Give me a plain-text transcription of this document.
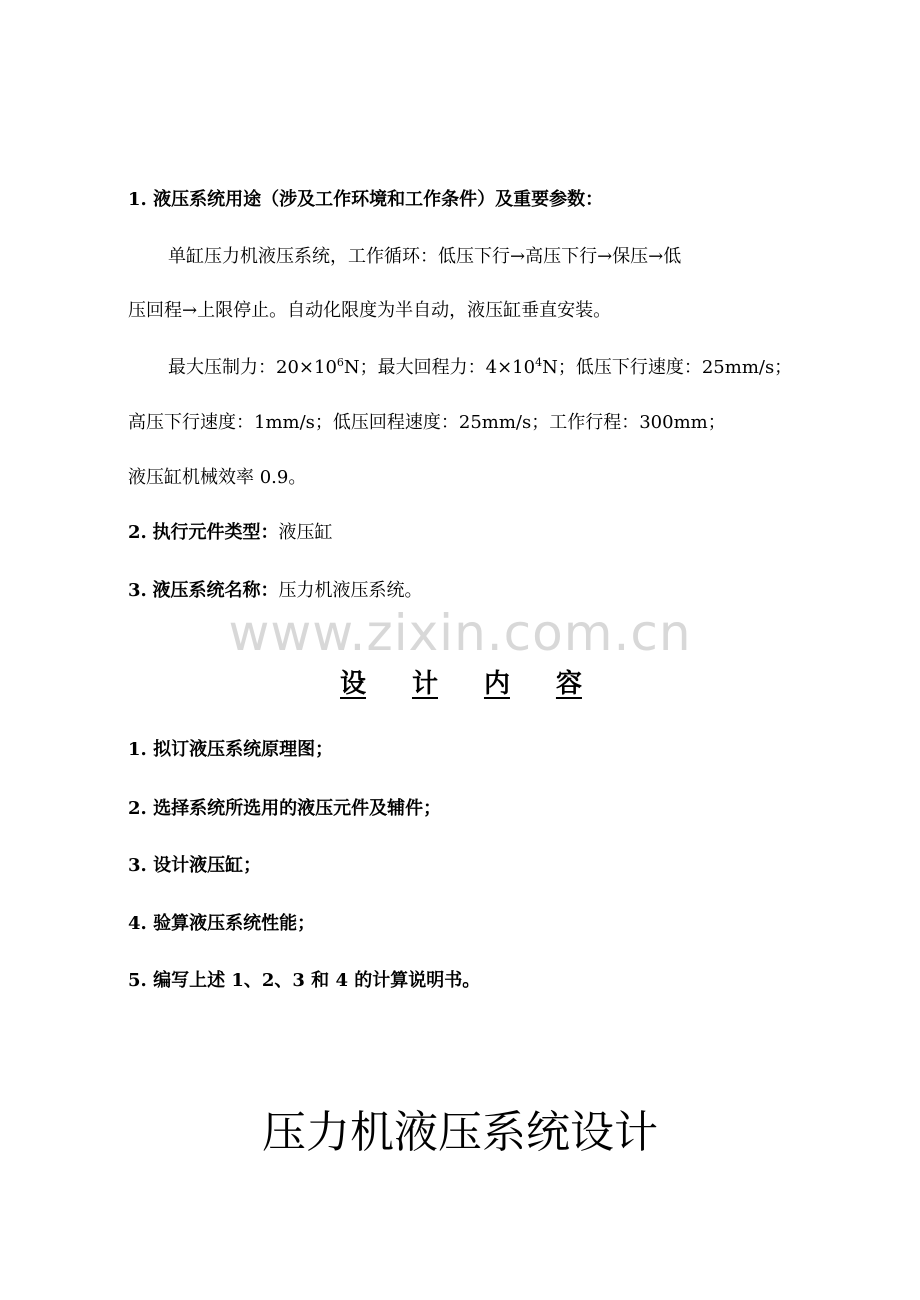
1. 液压系统用途（涉及工作环境和工作条件）及重要参数：
单缸压力机液压系统，工作循环：低压下行→高压下行→保压→低
压回程→上限停止。自动化限度为半自动，液压缸垂直安装。
最大压制力：$20\times 10^6N$；最大回程力：$4\times 10^4N$；低压下行速度：25mm/s；
高压下行速度：1mm/s；低压回程速度：25mm/s；工作行程：300mm；
液压缸机械效率 0.9。
2. 执行元件类型：液压缸
3. 液压系统名称：压力机液压系统。
www.zixin.com.cn
设 计 内 容
1. 拟订液压系统原理图；
2. 选择系统所选用的液压元件及辅件；
3. 设计液压缸；
4. 验算液压系统性能；
5. 编写上述 1、2、3 和 4 的计算说明书。
压力机液压系统设计
